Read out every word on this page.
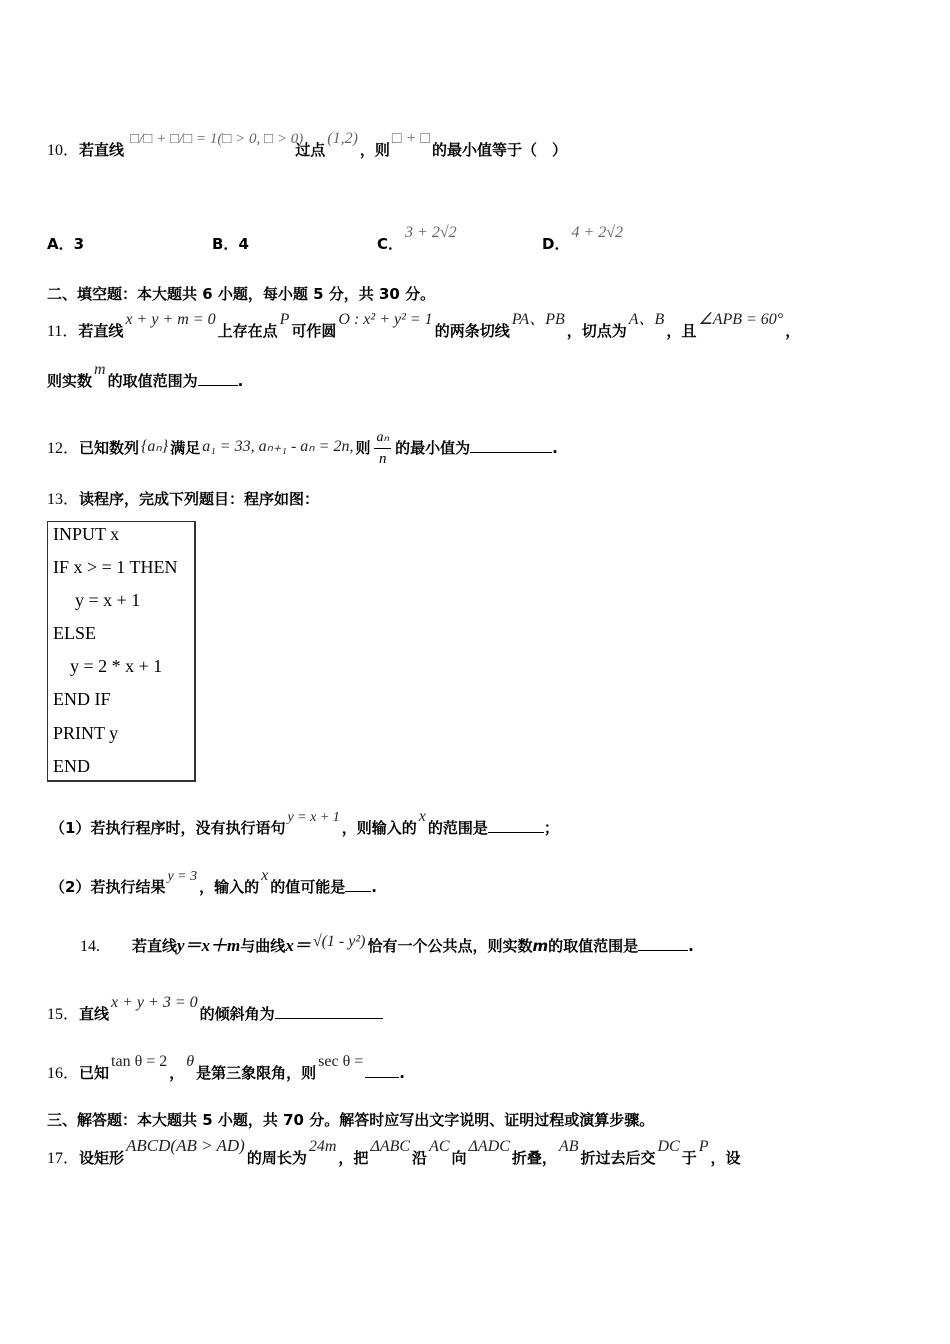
10．若直线□/□ + □/□ = 1(□ > 0, □ > 0)过点(1,2)，则□ + □的最小值等于（　）
A．3	B．4	C．3 + 2√2
D．4 + 2√2
二、填空题：本大题共 6 小题，每小题 5 分，共 30 分。
11．若直线x + y + m = 0上存在点P可作圆O : x² + y² = 1的两条切线PA、PB，切点为A、B，且∠APB = 60°，
则实数m的取值范围为	.
12．已知数列 {aₙ} 满足 a₁ = 33, aₙ₊₁ - aₙ = 2n, 则 $\frac{\text{aₙ}}{n}$ 的最小值为	.
13．读程序，完成下列题目：程序如图：
INPUT x
IF x > = 1 THEN
y = x + 1
ELSE
y = 2 * x + 1
END IF
PRINT y
END
（1）若执行程序时，没有执行语句y = x + 1，则输入的x的范围是	；
（2）若执行结果y = 3，输入的x的值可能是 .
14. 若直线y＝x＋m与曲线x＝ √(1 - y²) 恰有一个公共点，则实数m的取值范围是	.
15．直线x + y + 3 = 0的倾斜角为
16．已知tan θ = 2，θ是第三象限角，则sec θ =.
三、解答题：本大题共 5 小题，共 70 分。解答时应写出文字说明、证明过程或演算步骤。
17．设矩形ABCD(AB > AD)的周长为24m，把ΔABC沿AC向ΔADC折叠，AB折过去后交DC于P，设
